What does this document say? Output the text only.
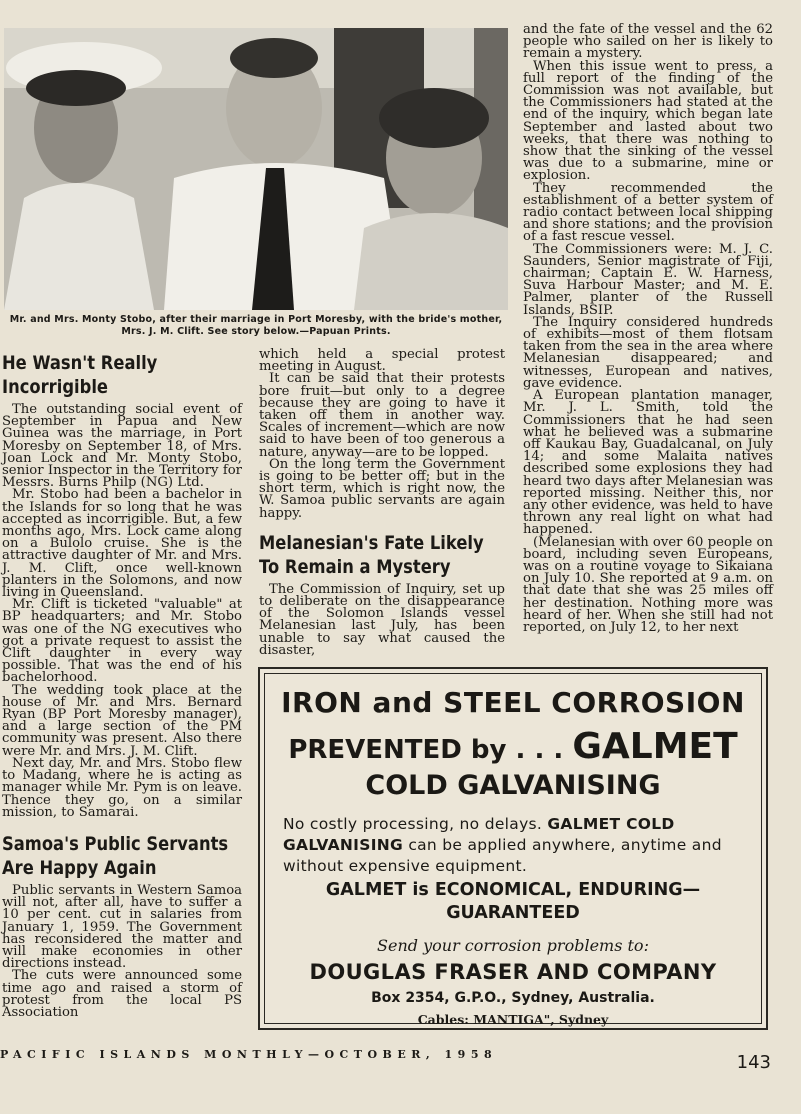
Mr. and Mrs. Monty Stobo, after their marriage in Port Moresby, with the bride's mother, Mrs. J. M. Clift. See story below.—Papuan Prints.
He Wasn't Really
Incorrigible

The outstanding social event of September in Papua and New Guinea was the marriage, in Port Moresby on September 18, of Mrs. Joan Lock and Mr. Monty Stobo, senior Inspector in the Territory for Messrs. Burns Philp (NG) Ltd.

Mr. Stobo had been a bachelor in the Islands for so long that he was accepted as incorrigible. But, a few months ago, Mrs. Lock came along on a Bulolo cruise. She is the attractive daughter of Mr. and Mrs. J. M. Clift, once well-known planters in the Solomons, and now living in Queensland.

Mr. Clift is ticketed "valuable" at BP headquarters; and Mr. Stobo was one of the NG executives who got a private request to assist the Clift daughter in every way possible. That was the end of his bachelorhood.

The wedding took place at the house of Mr. and Mrs. Bernard Ryan (BP Port Moresby manager), and a large section of the PM community was present. Also there were Mr. and Mrs. J. M. Clift.

Next day, Mr. and Mrs. Stobo flew to Madang, where he is acting as manager while Mr. Pym is on leave. Thence they go, on a similar mission, to Samarai.

Samoa's Public Servants
Are Happy Again

Public servants in Western Samoa will not, after all, have to suffer a 10 per cent. cut in salaries from January 1, 1959. The Government has reconsidered the matter and will make economies in other directions instead.

The cuts were announced some time ago and raised a storm of protest from the local PS Association

which held a special protest meeting in August.

It can be said that their protests bore fruit—but only to a degree because they are going to have it taken off them in another way. Scales of increment—which are now said to have been of too generous a nature, anyway—are to be lopped.

On the long term the Government is going to be better off; but in the short term, which is right now, the W. Samoa public servants are again happy.

Melanesian's Fate Likely
To Remain a Mystery

The Commission of Inquiry, set up to deliberate on the disappearance of the Solomon Islands vessel Melanesian last July, has been unable to say what caused the disaster,

and the fate of the vessel and the 62 people who sailed on her is likely to remain a mystery.

When this issue went to press, a full report of the finding of the Commission was not available, but the Commissioners had stated at the end of the inquiry, which began late September and lasted about two weeks, that there was nothing to show that the sinking of the vessel was due to a submarine, mine or explosion.

They recommended the establishment of a better system of radio contact between local shipping and shore stations; and the provision of a fast rescue vessel.

The Commissioners were: M. J. C. Saunders, Senior magistrate of Fiji, chairman; Captain E. W. Harness, Suva Harbour Master; and M. E. Palmer, planter of the Russell Islands, BSIP.

The Inquiry considered hundreds of exhibits—most of them flotsam taken from the sea in the area where Melanesian disappeared; and witnesses, European and natives, gave evidence.

A European plantation manager, Mr. J. L. Smith, told the Commissioners that he had seen what he believed was a submarine off Kaukau Bay, Guadalcanal, on July 14; and some Malaita natives described some explosions they had heard two days after Melanesian was reported missing. Neither this, nor any other evidence, was held to have thrown any real light on what had happened.

(Melanesian with over 60 people on board, including seven Europeans, was on a routine voyage to Sikaiana on July 10. She reported at 9 a.m. on that date that she was 25 miles off her destination. Nothing more was heard of her. When she still had not reported, on July 12, to her next

IRON and STEEL CORROSION
PREVENTED by . . . GALMET
COLD GALVANISING
No costly processing, no delays. GALMET COLD GALVANISING can be applied anywhere, anytime and without expensive equipment.
GALMET is ECONOMICAL, ENDURING—
GUARANTEED
Send your corrosion problems to:
DOUGLAS FRASER AND COMPANY
Box 2354, G.P.O., Sydney, Australia.
Cables: MANTIGA", Sydney
PACIFIC ISLANDS MONTHLY—OCTOBER, 1958	143
